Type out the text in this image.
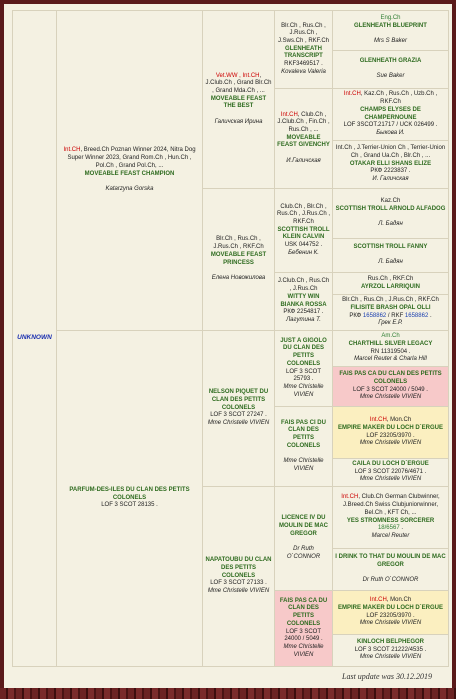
UNKNOWN	Int.CH, Breed.Ch Poznan Winner 2024, Nitra Dog Super Winner 2023, Grand Rom.Ch , Hun.Ch , Pol.Ch , Grand Pol.Ch, ...
MOVEABLE FEAST CHAMPION

Katarzyna Gorska	Vet.WW , Int.CH, J.Club.Ch , Grand Blr.Ch , Grand Mda.Ch , ...
MOVEABLE FEAST THE BEST

Галичская Ирина	Blr.Ch , Rus.Ch , J.Rus.Ch , J.Sws.Ch , RKF.Ch
GLENHEATH TRANSCRIPT
RKF3469517 .
Kovaleva Valeria	Eng.Ch
GLENHEATH BLUEPRINT

Mrs S Baker
				GLENHEATH GRAZIA

Sue Baker
			Int.CH, Club.Ch , J.Club.Ch , Fin.Ch , Rus.Ch , ...
MOVEABLE FEAST GIVENCHY

И.Галичская	Int.CH, Kaz.Ch , Rus.Ch , Uzb.Ch , RKF.Ch
CHAMPS ELYSES DE CHAMPERNOUNE
LOF 3SCOT.21717 / UCK 026499 . Быкова И.
				Int.Ch , J.Terrier-Union Ch , Terrier-Union Ch , Grand Ua.Ch , Blr.Ch , ...
OTAKAR ELLI SHANS ELIZE
РКФ 2223837 .
И. Галичская
		Blr.Ch , Rus.Ch , J.Rus.Ch , RKF.Ch
MOVEABLE FEAST PRINCESS

Елена Новожилова	Club.Ch , Blr.Ch , Rus.Ch , J.Rus.Ch , RKF.Ch
SCOTTISH TROLL KLEIN CALVIN
USK 044752 .
Бебенин К.	Kaz.Ch
SCOTTISH TROLL ARNOLD ALFADOG

Л. Бадян
				SCOTTISH TROLL FANNY

Л. Бадян
			J.Club.Ch , Rus.Ch , J.Rus.Ch
WITTY WIN BIANKA ROSSA
РКФ 2254817 .
Лагутина Т.	Rus.Ch , RKF.Ch
AYRZOL LARRIQUIN
				Blr.Ch , Rus.Ch , J.Rus.Ch , RKF.Ch
FILISITE BRASH OPAL OLLI
РКФ 1658862 / RKF 1658862 .
Грек Е.Р.
	PARFUM-DES-ILES DU CLAN DES PETITS COLONELS
LOF 3 SCOT 28135 .	NELSON PIQUET DU CLAN DES PETITS COLONELS
LOF 3 SCOT 27247 .
Mme Christelle VIVIEN	JUST A GIGOLO DU CLAN DES PETITS COLONELS
LOF 3 SCOT 25793 .
Mme Christelle VIVIEN	Am.Ch
CHARTHILL SILVER LEGACY
RN 11319504 .
Marcel Reuter & Charla Hill
				FAIS PAS CA DU CLAN DES PETITS COLONELS
LOF 3 SCOT 24000 / 5049 .
Mme Christelle VIVIEN
			FAIS PAS CI DU CLAN DES PETITS COLONELS

Mme Christelle VIVIEN	Int.CH, Mon.Ch
EMPIRE MAKER DU LOCH D`ERGUE
LOF 23205/3970 .
Mme Christelle VIVIEN
				CAILA DU LOCH D`ERGUE
LOF 3 SCOT 22076/4671 .
Mme Christelle VIVIEN
		NAPATOUBU DU CLAN DES PETITS COLONELS
LOF 3 SCOT 27133 .
Mme Christelle VIVIEN	LICENCE IV DU MOULIN DE MAC GREGOR

Dr Ruth O`CONNOR	Int.CH, Club.Ch German Clubwinner, J.Breed.Ch Swiss Clubjuniorwinner, Bel.Ch , KFT Ch, ...
YES STROMNESS SORCERER
18/6567 .
Marcel Reuter
				I DRINK TO THAT DU MOULIN DE MAC GREGOR

Dr Ruth O`CONNOR
			FAIS PAS CA DU CLAN DES PETITS COLONELS
LOF 3 SCOT 24000 / 5049 .
Mme Christelle VIVIEN	Int.CH, Mon.Ch
EMPIRE MAKER DU LOCH D`ERGUE
LOF 23205/3970 .
Mme Christelle VIVIEN
				KINLOCH BELPHEGOR
LOF 3 SCOT 21222/4535 .
Mme Christelle VIVIEN
Last update was 30.12.2019
